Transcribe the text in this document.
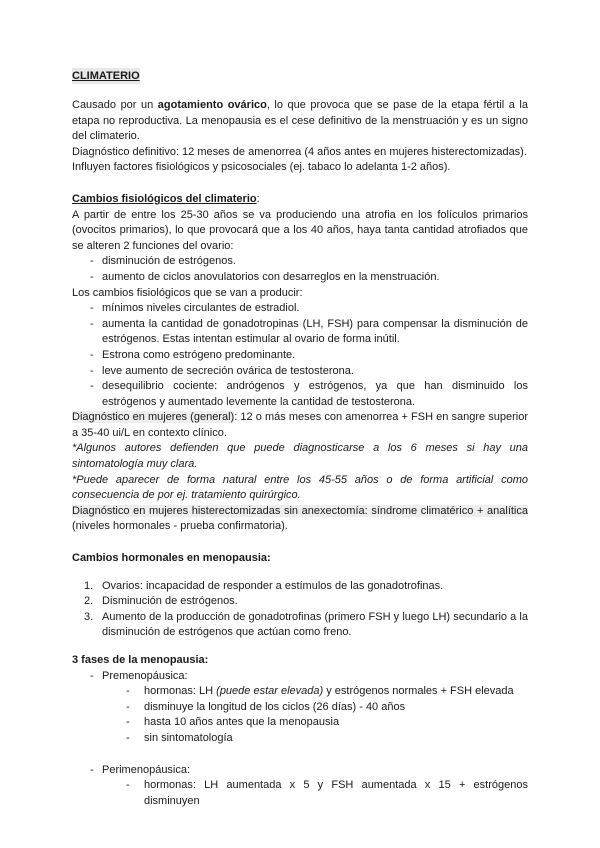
CLIMATERIO

Causado por un agotamiento ovárico, lo que provoca que se pase de la etapa fértil a la etapa no reproductiva. La menopausia es el cese definitivo de la menstruación y es un signo del climaterio.

Diagnóstico definitivo: 12 meses de amenorrea (4 años antes en mujeres histerectomizadas).

Influyen factores fisiológicos y psicosociales (ej. tabaco lo adelanta 1-2 años).

Cambios fisiológicos del climaterio:

A partir de entre los 25-30 años se va produciendo una atrofia en los folículos primarios (ovocitos primarios), lo que provocará que a los 40 años, haya tanta cantidad atrofiados que se alteren 2 funciones del ovario:

- disminución de estrógenos.
- aumento de ciclos anovulatorios con desarreglos en la menstruación.

Los cambios fisiológicos que se van a producir:

- mínimos niveles circulantes de estradiol.
- aumenta la cantidad de gonadotropinas (LH, FSH) para compensar la disminución de estrógenos. Estas intentan estimular al ovario de forma inútil.
- Estrona como estrógeno predominante.
- leve aumento de secreción ovárica de testosterona.
- desequilibrio cociente: andrógenos y estrógenos, ya que han disminuido los estrógenos y aumentado levemente la cantidad de testosterona.

Diagnóstico en mujeres (general): 12 o más meses con amenorrea + FSH en sangre superior a 35-40 ui/L en contexto clínico.

*Algunos autores defienden que puede diagnosticarse a los 6 meses si hay una sintomatología muy clara.

*Puede aparecer de forma natural entre los 45-55 años o de forma artificial como consecuencia de por ej. tratamiento quirúrgico.

Diagnóstico en mujeres histerectomizadas sin anexectomía: síndrome climatérico + analítica (niveles hormonales - prueba confirmatoria).

Cambios hormonales en menopausia:

1. Ovarios: incapacidad de responder a estímulos de las gonadotrofinas.
2. Disminución de estrógenos.
3. Aumento de la producción de gonadotrofinas (primero FSH y luego LH) secundario a la disminución de estrógenos que actúan como freno.

3 fases de la menopausia:

- Premenopáusica:
- hormonas: LH (puede estar elevada) y estrógenos normales + FSH elevada
- disminuye la longitud de los ciclos (26 días) - 40 años
- hasta 10 años antes que la menopausia
- sin sintomatología
- Perimenopáusica:
- hormonas: LH aumentada x 5 y FSH aumentada x 15 + estrógenos disminuyen
